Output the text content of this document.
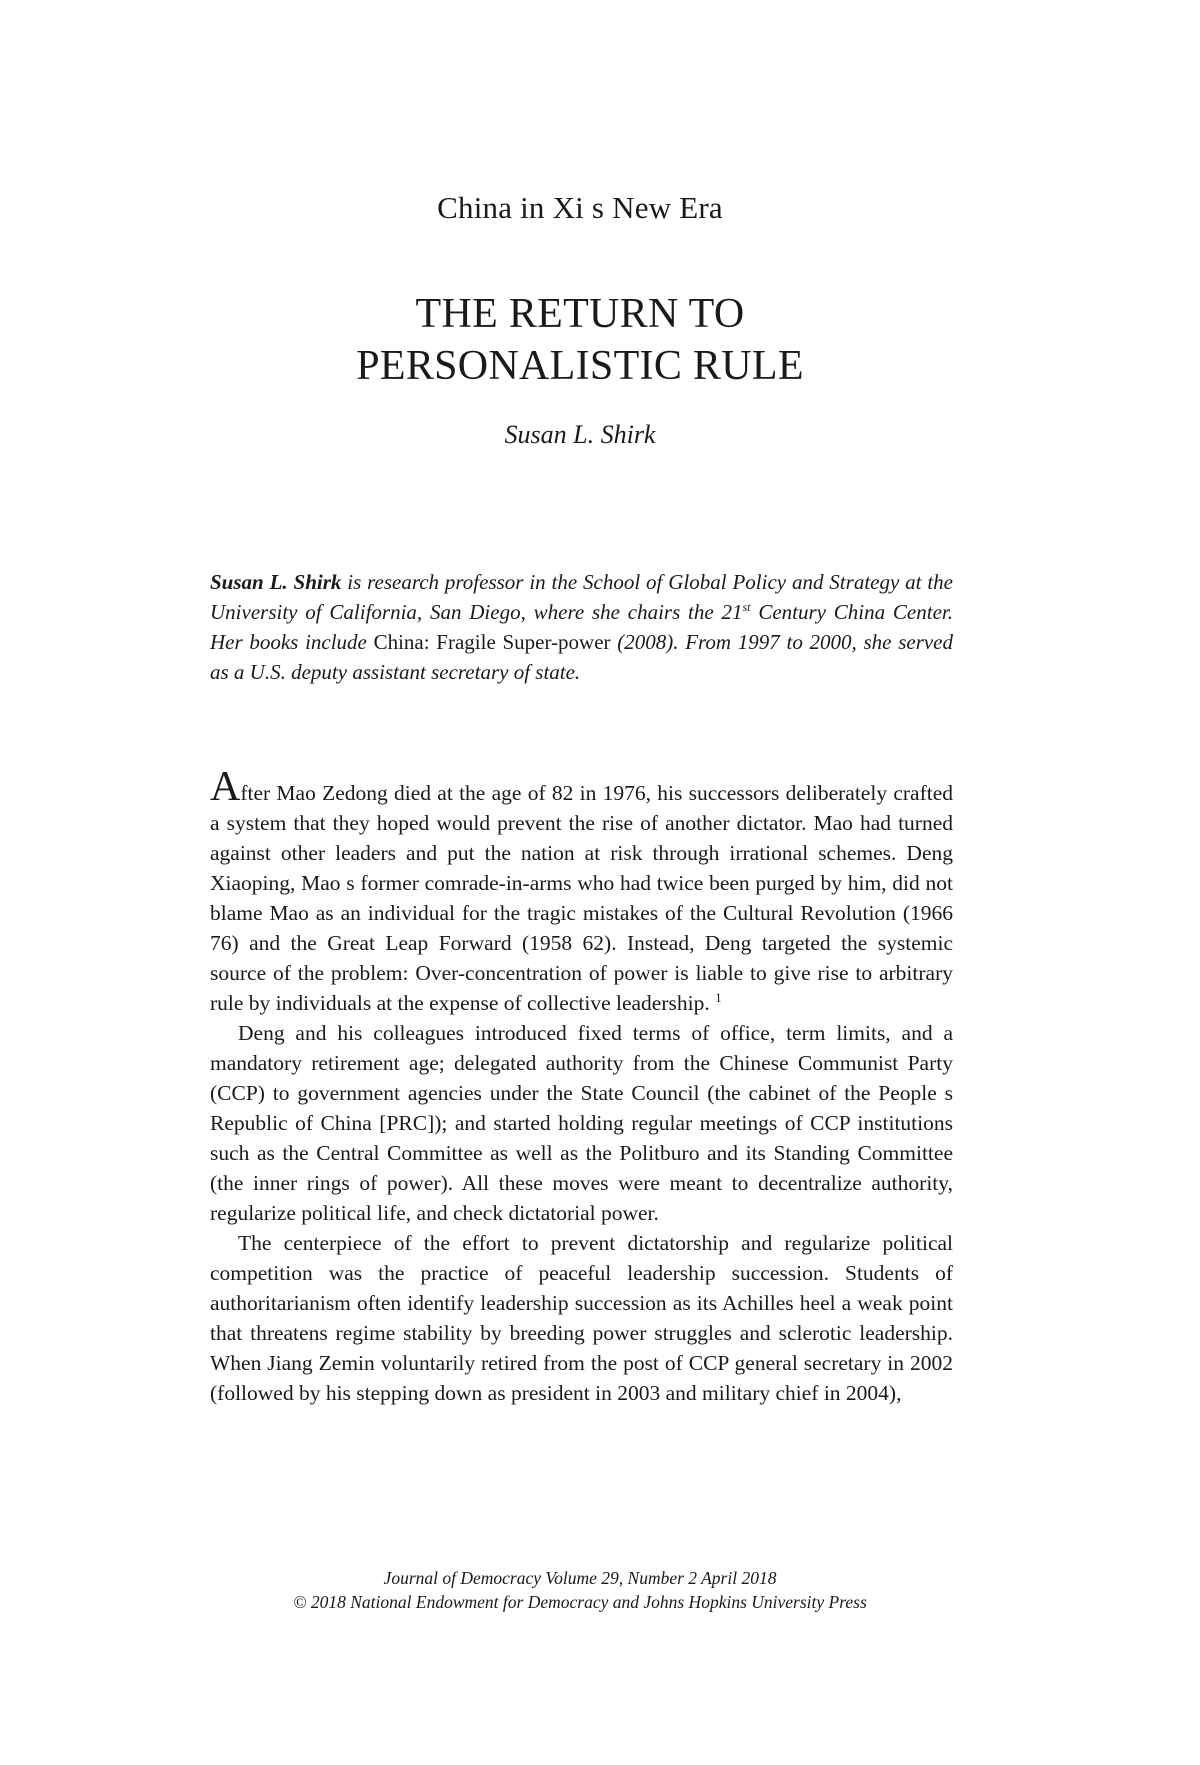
China in Xi s New Era
THE RETURN TO
PERSONALISTIC RULE
Susan L. Shirk
Susan L. Shirk is research professor in the School of Global Policy and Strategy at the University of California, San Diego, where she chairs the 21st Century China Center. Her books include China: Fragile Super-power (2008). From 1997 to 2000, she served as a U.S. deputy assistant secretary of state.

After Mao Zedong died at the age of 82 in 1976, his successors deliberately crafted a system that they hoped would prevent the rise of another dictator. Mao had turned against other leaders and put the nation at risk through irrational schemes. Deng Xiaoping, Mao s former comrade-in-arms who had twice been purged by him, did not blame Mao as an individual for the tragic mistakes of the Cultural Revolution (1966 76) and the Great Leap Forward (1958 62). Instead, Deng targeted the systemic source of the problem: Over-concentration of power is liable to give rise to arbitrary rule by individuals at the expense of collective leadership. $^1$

Deng and his colleagues introduced fixed terms of office, term limits, and a mandatory retirement age; delegated authority from the Chinese Communist Party (CCP) to government agencies under the State Council (the cabinet of the People s Republic of China [PRC]); and started holding regular meetings of CCP institutions such as the Central Committee as well as the Politburo and its Standing Committee (the inner rings of power). All these moves were meant to decentralize authority, regularize political life, and check dictatorial power.

The centerpiece of the effort to prevent dictatorship and regularize political competition was the practice of peaceful leadership succession. Students of authoritarianism often identify leadership succession as its Achilles heel a weak point that threatens regime stability by breeding power struggles and sclerotic leadership. When Jiang Zemin voluntarily retired from the post of CCP general secretary in 2002 (followed by his stepping down as president in 2003 and military chief in 2004),

Journal of Democracy Volume 29, Number 2 April 2018
© 2018 National Endowment for Democracy and Johns Hopkins University Press
